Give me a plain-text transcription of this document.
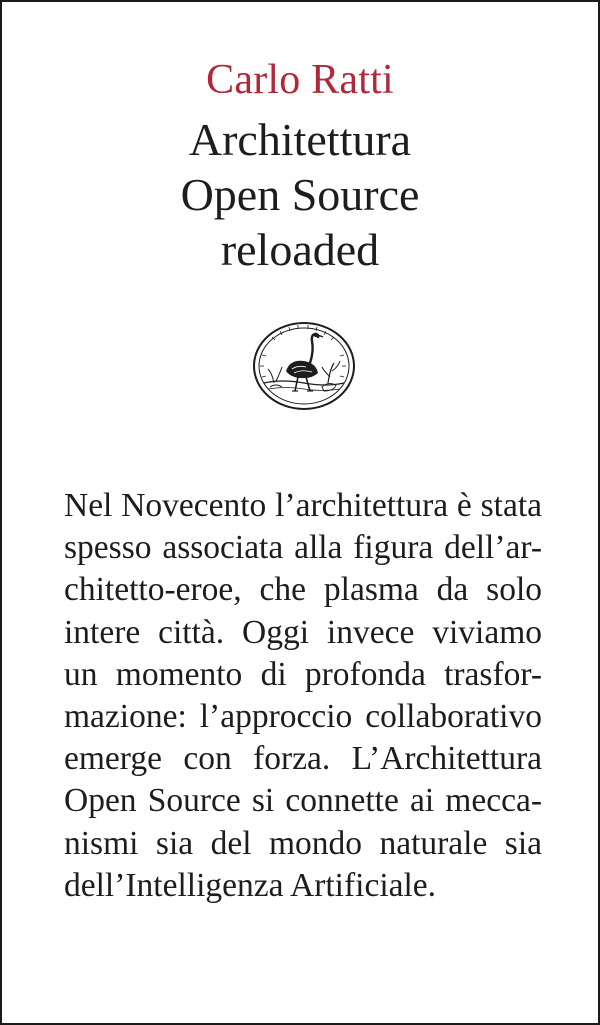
Carlo Ratti
Architettura
Open Source
reloaded
Nel Novecento l’architettura è stata
spesso associata alla figura dell’ar-
chitetto-eroe, che plasma da solo
intere città. Oggi invece viviamo
un momento di profonda trasfor-
mazione: l’approccio collaborativo
emerge con forza. L’Architettura
Open Source si connette ai mecca-
nismi sia del mondo naturale sia
dell’Intelligenza Artificiale.
